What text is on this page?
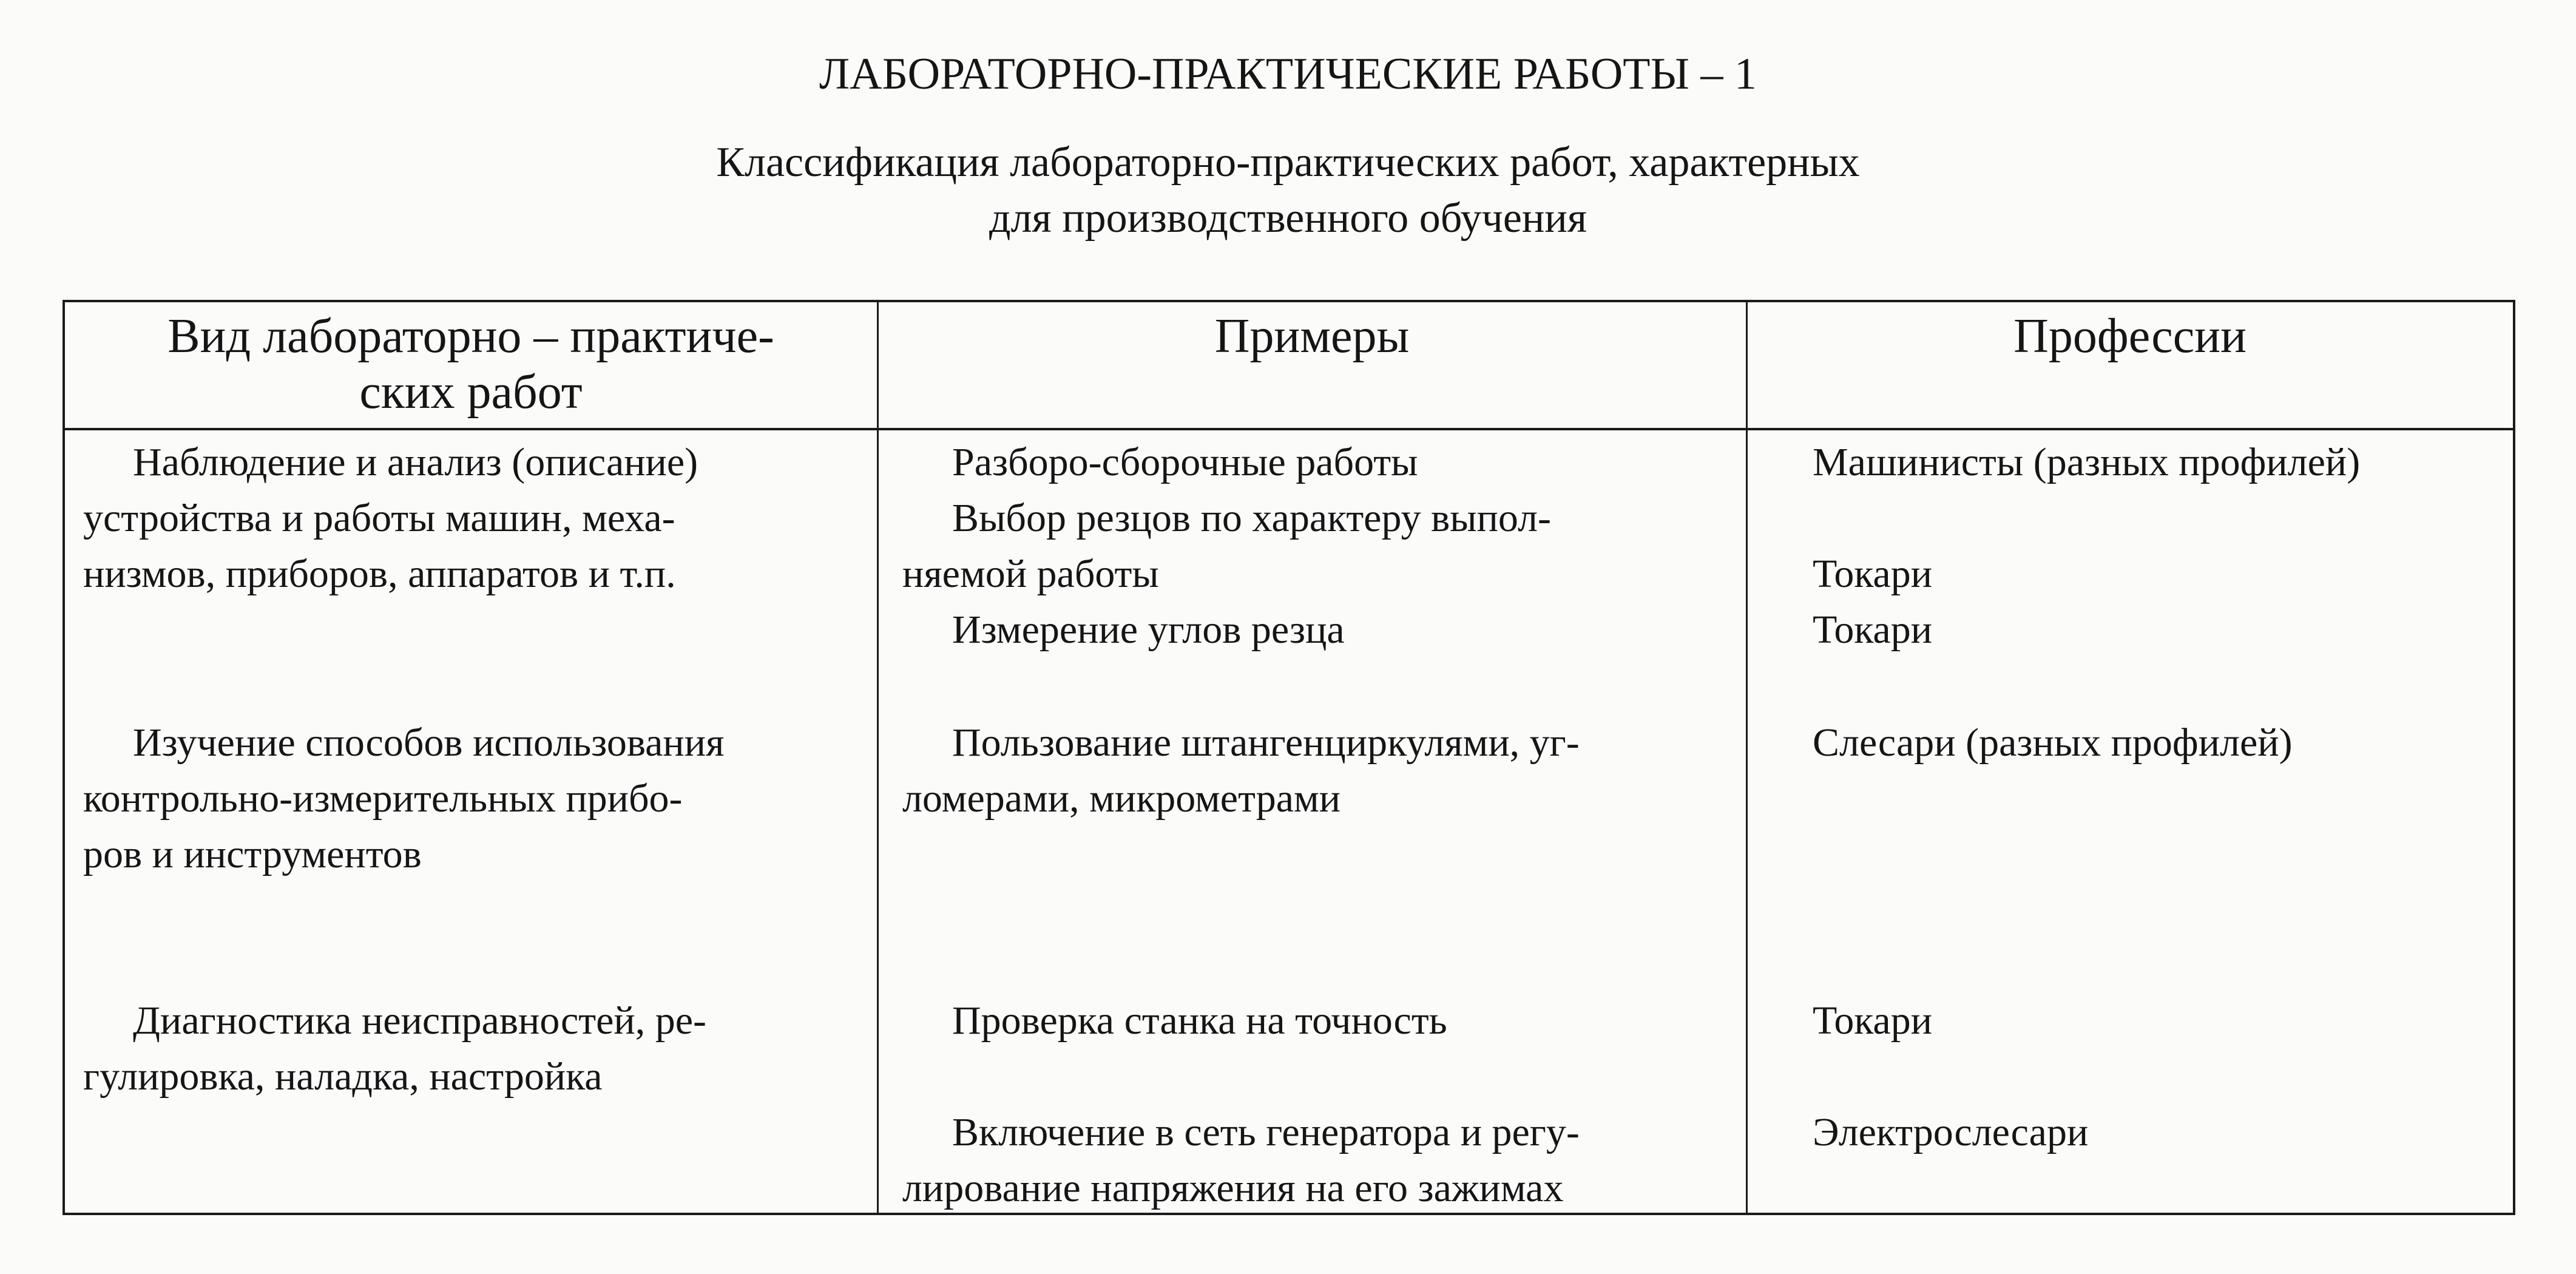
ЛАБОРАТОРНО-ПРАКТИЧЕСКИЕ РАБОТЫ – 1
Классификация лабораторно-практических работ, характерных
для производственного обучения
Вид лабораторно – практиче-
ских работ
Примеры	Профессии
Наблюдение и анализ (описание)
устройства и работы машин, меха-
низмов, приборов, аппаратов и т.п.
Разборо-сборочные работы
Выбор резцов по характеру выпол-
няемой работы
Измерение углов резца
Машинисты (разных профилей)
Токари
Токари
Изучение способов использования
контрольно-измерительных прибо-
ров и инструментов
Пользование штангенциркулями, уг-
ломерами, микрометрами
Слесари (разных профилей)
Диагностика неисправностей, ре-
гулировка, наладка, настройка
Проверка станка на точность
Включение в сеть генератора и регу-
лирование напряжения на его зажимах
Токари
Электрослесари
